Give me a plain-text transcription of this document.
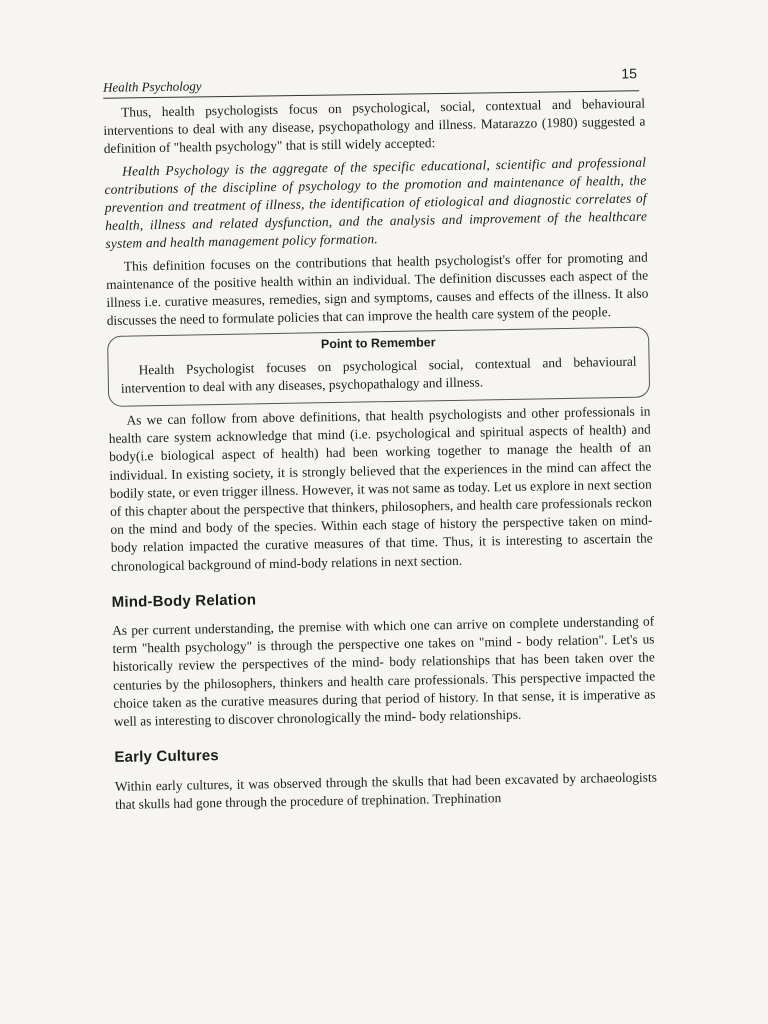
Health Psychology
15

Thus, health psychologists focus on psychological, social, contextual and behavioural interventions to deal with any disease, psychopathology and illness. Matarazzo (1980) suggested a definition of "health psychology" that is still widely accepted:

Health Psychology is the aggregate of the specific educational, scientific and professional contributions of the discipline of psychology to the promotion and maintenance of health, the prevention and treatment of illness, the identification of etiological and diagnostic correlates of health, illness and related dysfunction, and the analysis and improvement of the healthcare system and health management policy formation.

This definition focuses on the contributions that health psychologist's offer for promoting and maintenance of the positive health within an individual. The definition discusses each aspect of the illness i.e. curative measures, remedies, sign and symptoms, causes and effects of the illness. It also discusses the need to formulate policies that can improve the health care system of the people.

Point to Remember

Health Psychologist focuses on psychological social, contextual and behavioural intervention to deal with any diseases, psychopathalogy and illness.

As we can follow from above definitions, that health psychologists and other professionals in health care system acknowledge that mind (i.e. psychological and spiritual aspects of health) and body(i.e biological aspect of health) had been working together to manage the health of an individual. In existing society, it is strongly believed that the experiences in the mind can affect the bodily state, or even trigger illness. However, it was not same as today. Let us explore in next section of this chapter about the perspective that thinkers, philosophers, and health care professionals reckon on the mind and body of the species. Within each stage of history the perspective taken on mind-body relation impacted the curative measures of that time. Thus, it is interesting to ascertain the chronological background of mind-body relations in next section.

Mind-Body Relation

As per current understanding, the premise with which one can arrive on complete understanding of term "health psychology" is through the perspective one takes on "mind - body relation". Let's us historically review the perspectives of the mind- body relationships that has been taken over the centuries by the philosophers, thinkers and health care professionals. This perspective impacted the choice taken as the curative measures during that period of history. In that sense, it is imperative as well as interesting to discover chronologically the mind- body relationships.

Early Cultures

Within early cultures, it was observed through the skulls that had been excavated by archaeologists that skulls had gone through the procedure of trephination. Trephination
